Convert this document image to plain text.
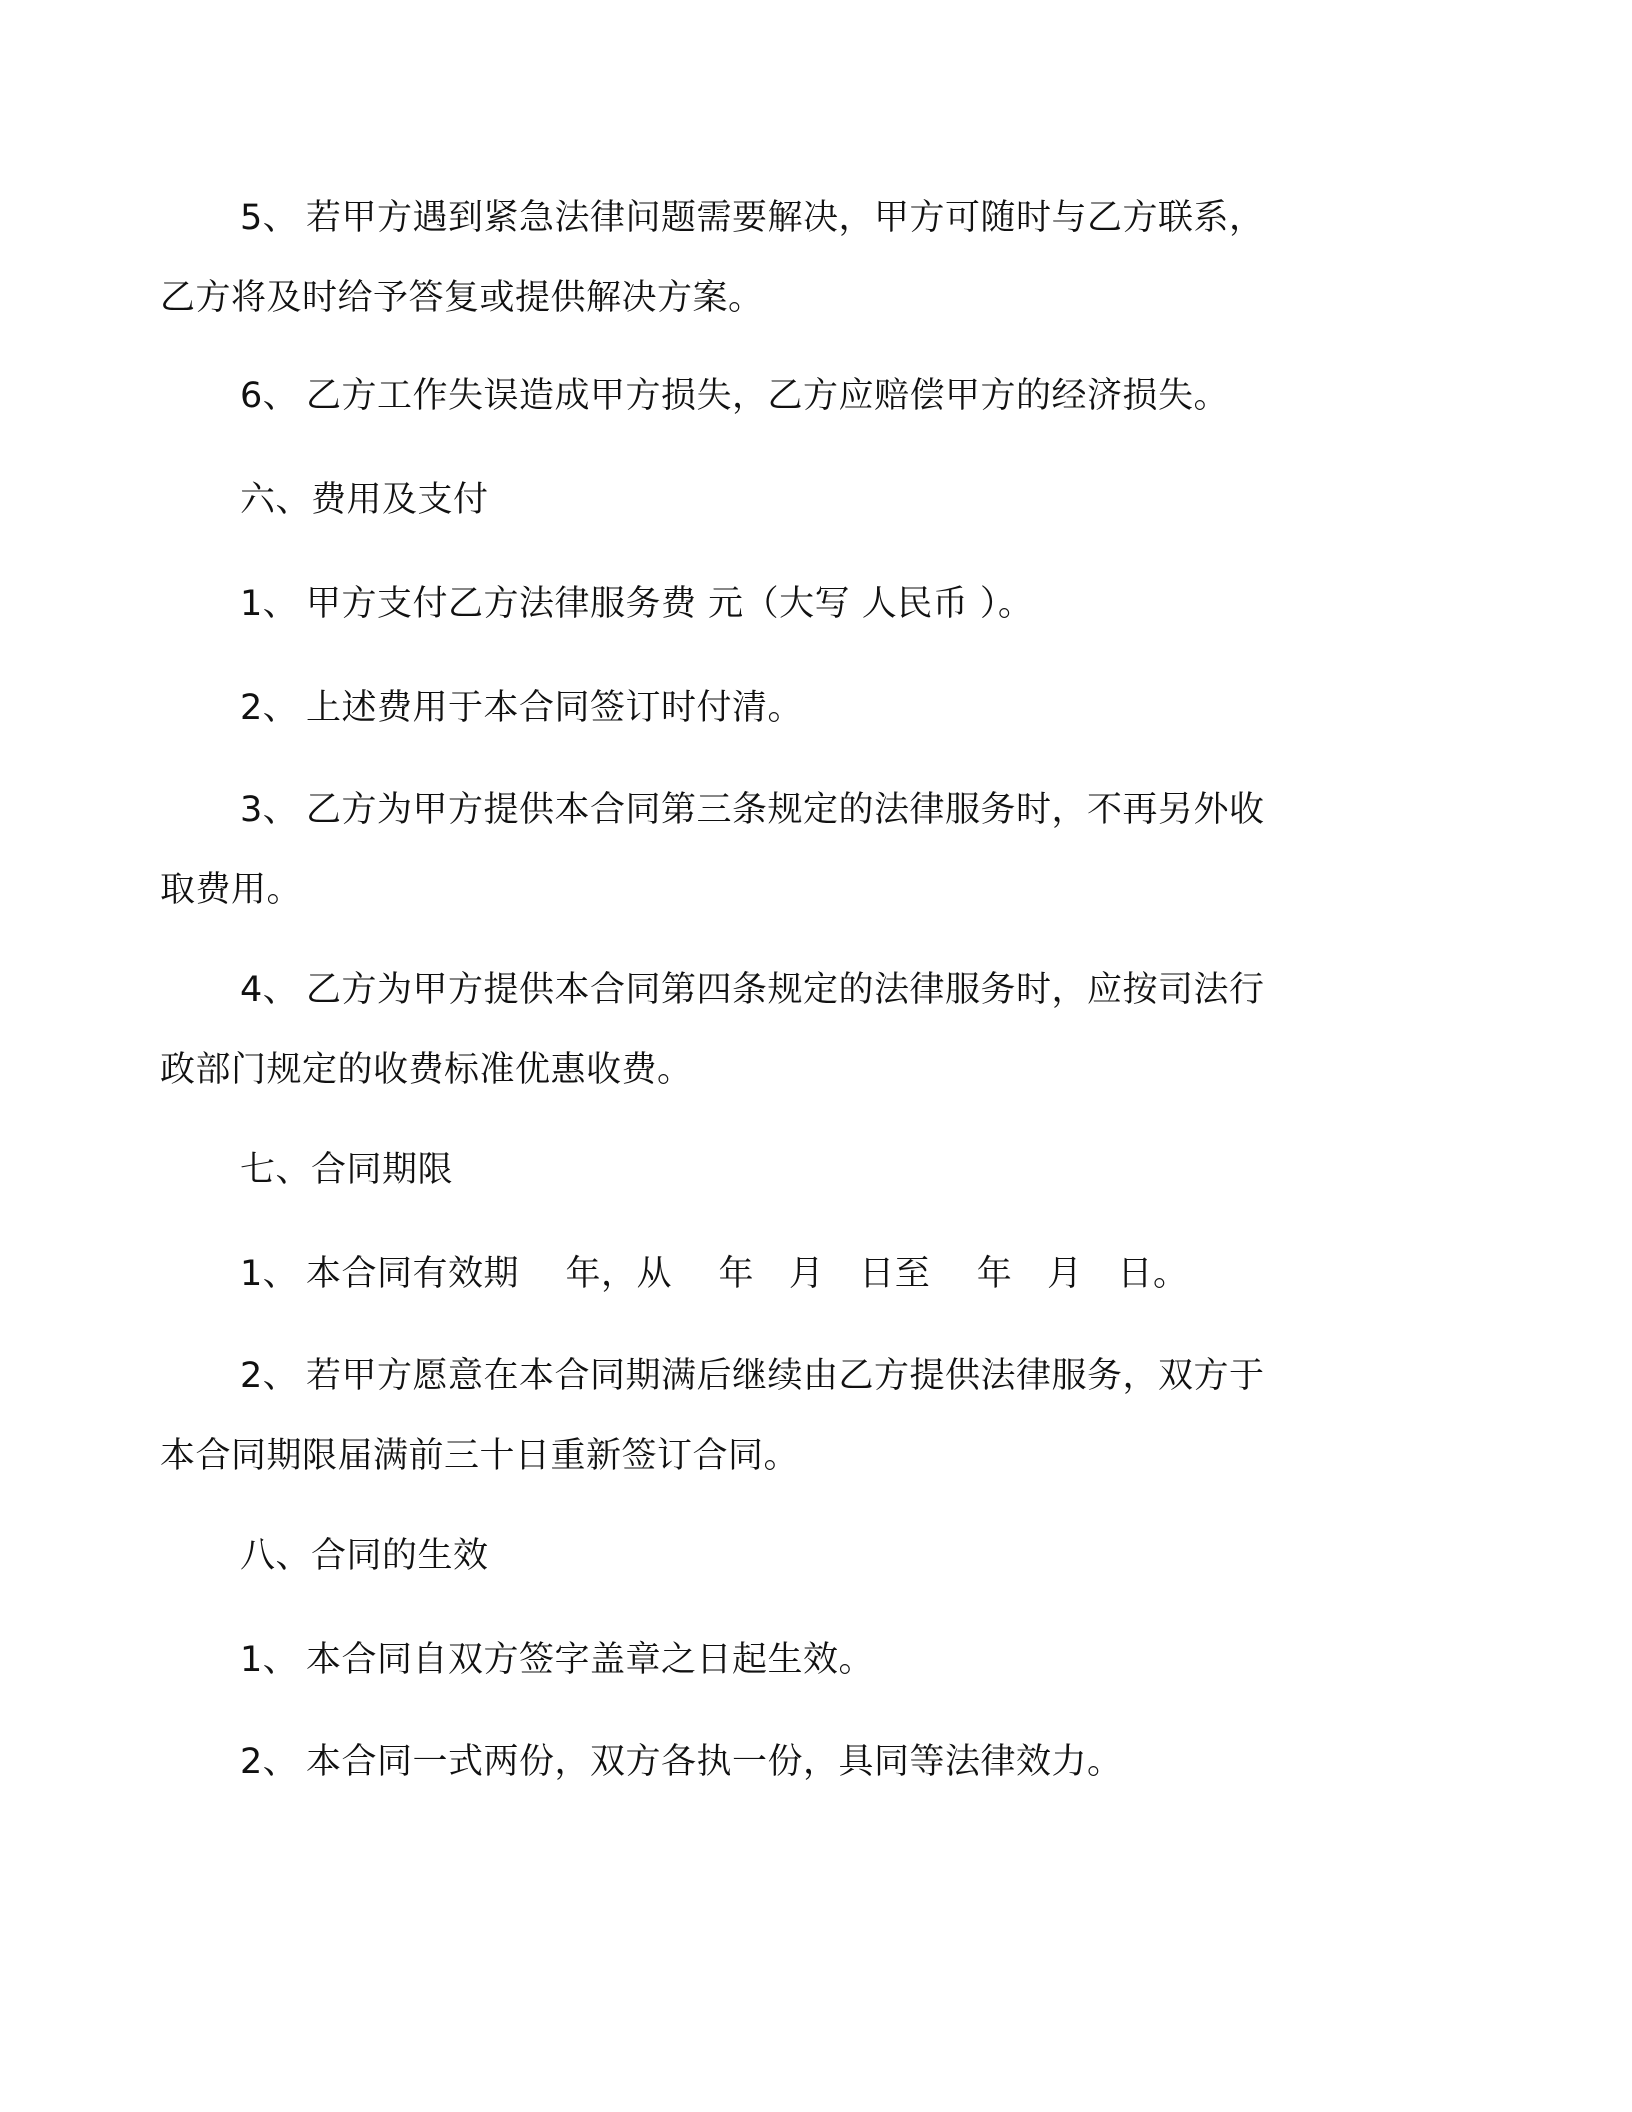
5、 若甲方遇到紧急法律问题需要解决，甲方可随时与乙方联系，
乙方将及时给予答复或提供解决方案。
6、 乙方工作失误造成甲方损失，乙方应赔偿甲方的经济损失。
六、费用及支付
1、 甲方支付乙方法律服务费 元（大写 人民币 ）。
2、 上述费用于本合同签订时付清。
3、 乙方为甲方提供本合同第三条规定的法律服务时，不再另外收
取费用。
4、 乙方为甲方提供本合同第四条规定的法律服务时，应按司法行
政部门规定的收费标准优惠收费。
七、合同期限
1、 本合同有效期    年，从    年   月   日至    年   月   日。
2、 若甲方愿意在本合同期满后继续由乙方提供法律服务，双方于
本合同期限届满前三十日重新签订合同。
八、合同的生效
1、 本合同自双方签字盖章之日起生效。
2、 本合同一式两份，双方各执一份，具同等法律效力。
